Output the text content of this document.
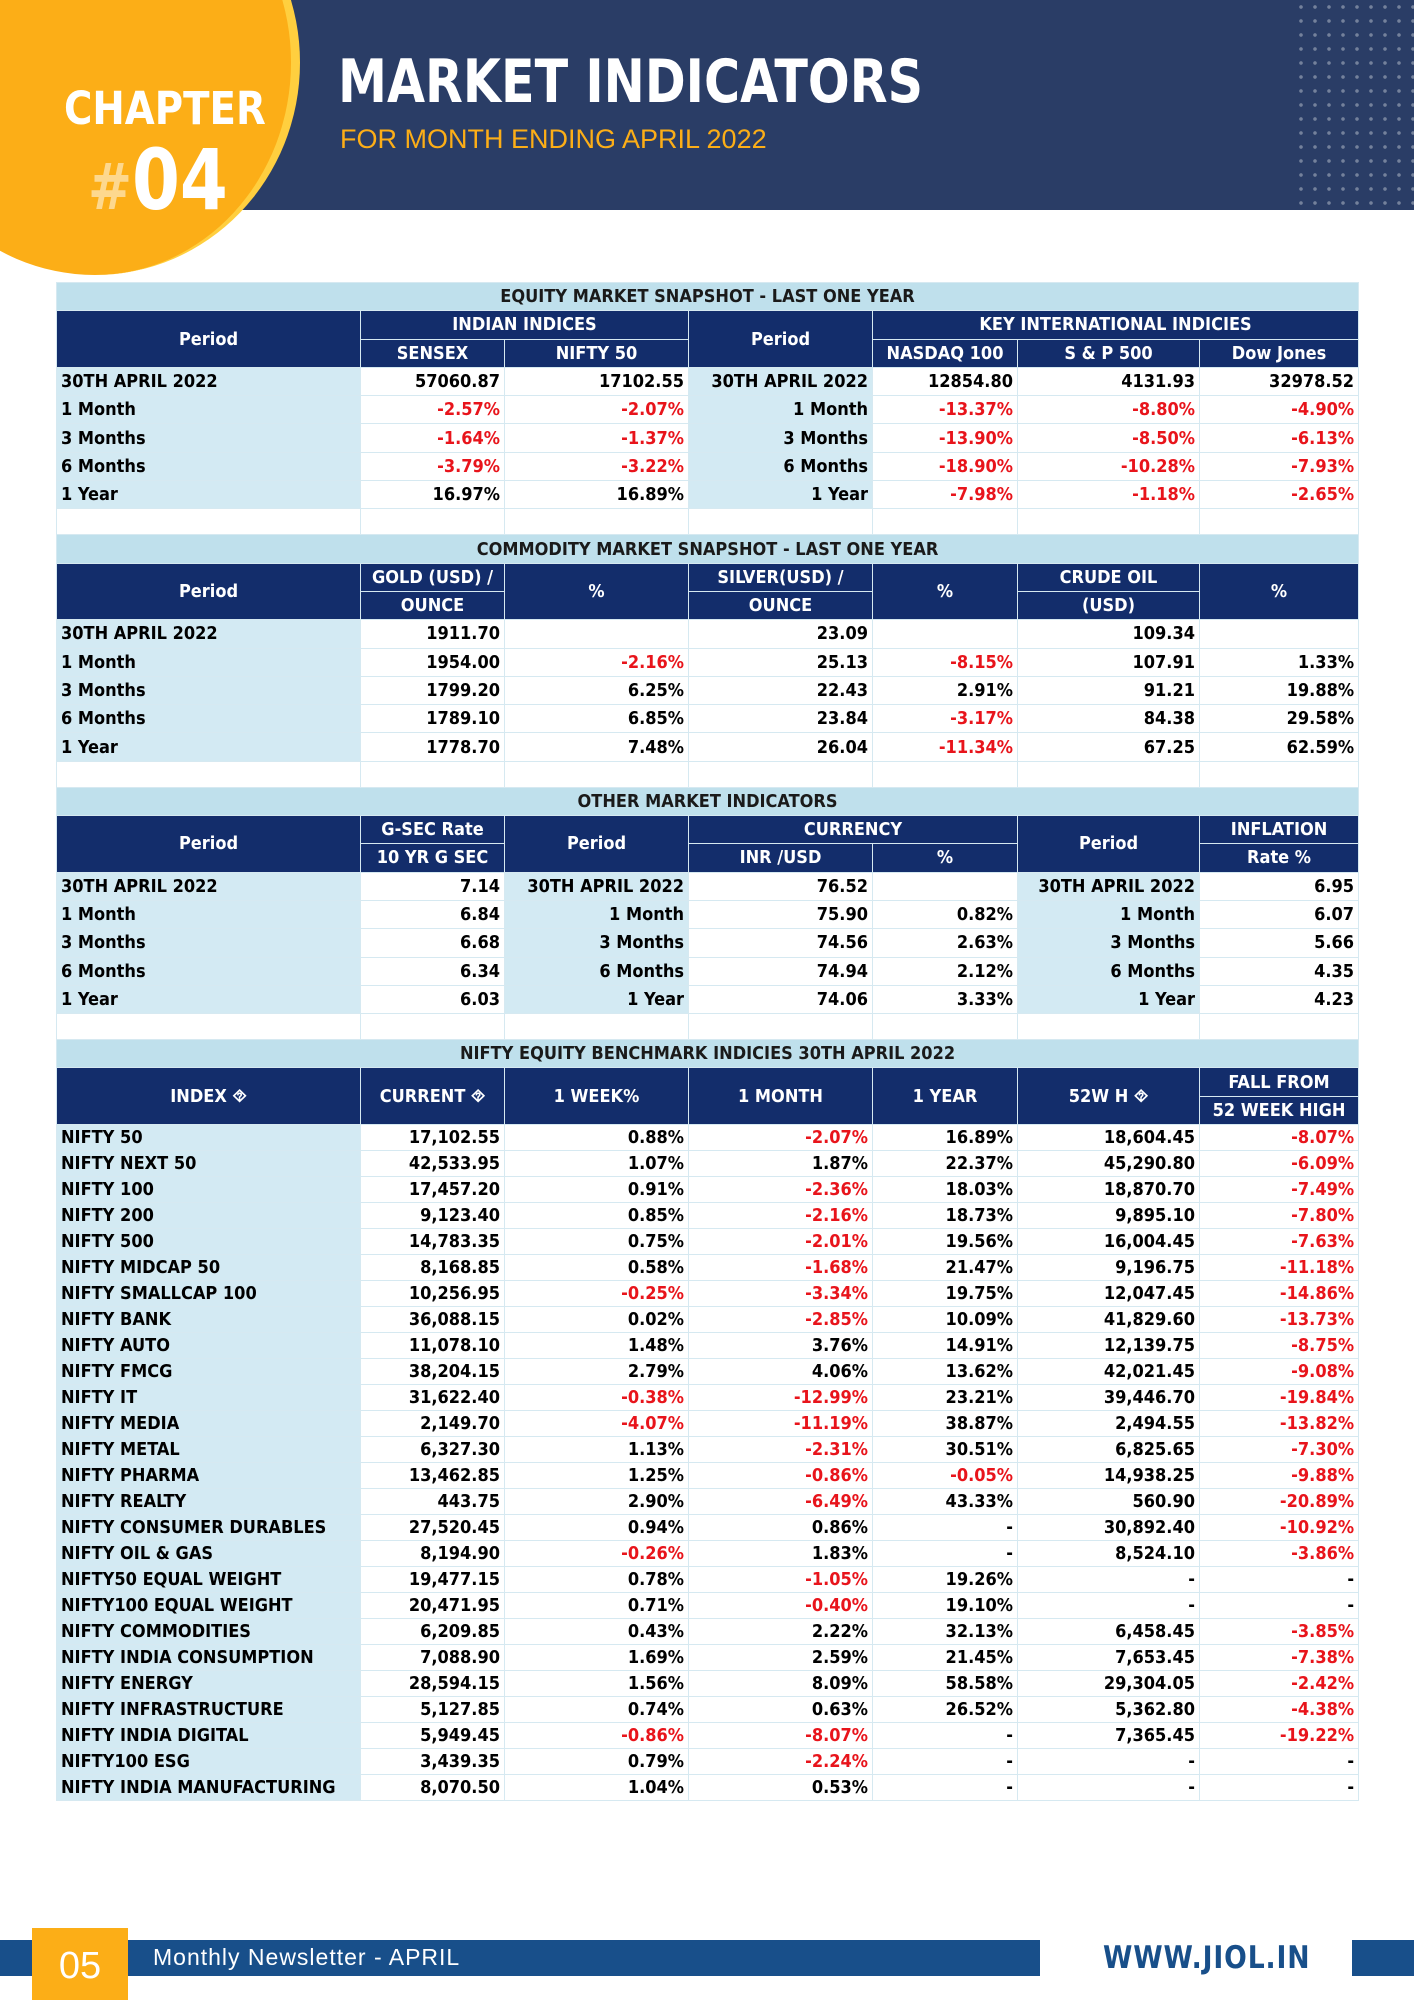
CHAPTER
#04
MARKET INDICATORS
FOR MONTH ENDING APRIL 2022
EQUITY MARKET SNAPSHOT - LAST ONE YEAR						
Period	INDIAN INDICES		Period	KEY INTERNATIONAL INDICIES		
	SENSEX	NIFTY 50		NASDAQ 100	S & P 500	Dow Jones
30TH APRIL 2022	57060.87	17102.55	30TH APRIL 2022	12854.80	4131.93	32978.52
1 Month	-2.57%	-2.07%	1 Month	-13.37%	-8.80%	-4.90%
3 Months	-1.64%	-1.37%	3 Months	-13.90%	-8.50%	-6.13%
6 Months	-3.79%	-3.22%	6 Months	-18.90%	-10.28%	-7.93%
1 Year	16.97%	16.89%	1 Year	-7.98%	-1.18%	-2.65%

COMMODITY MARKET SNAPSHOT - LAST ONE YEAR						
Period	GOLD (USD) /	%	SILVER(USD) /	%	CRUDE OIL	%
	OUNCE		OUNCE		(USD)	
30TH APRIL 2022	1911.70		23.09		109.34	
1 Month	1954.00	-2.16%	25.13	-8.15%	107.91	1.33%
3 Months	1799.20	6.25%	22.43	2.91%	91.21	19.88%
6 Months	1789.10	6.85%	23.84	-3.17%	84.38	29.58%
1 Year	1778.70	7.48%	26.04	-11.34%	67.25	62.59%

OTHER MARKET INDICATORS						
Period	G-SEC Rate	Period	CURRENCY		Period	INFLATION
	10 YR G SEC		INR /USD	%		Rate %
30TH APRIL 2022	7.14	30TH APRIL 2022	76.52		30TH APRIL 2022	6.95
1 Month	6.84	1 Month	75.90	0.82%	1 Month	6.07
3 Months	6.68	3 Months	74.56	2.63%	3 Months	5.66
6 Months	6.34	6 Months	74.94	2.12%	6 Months	4.35
1 Year	6.03	1 Year	74.06	3.33%	1 Year	4.23

NIFTY EQUITY BENCHMARK INDICIES 30TH APRIL 2022						
INDEX ⯑	CURRENT ⯑	1 WEEK%	1 MONTH	1 YEAR	52W H ⯑	FALL FROM
						52 WEEK HIGH
NIFTY 50	17,102.55	0.88%	-2.07%	16.89%	18,604.45	-8.07%
NIFTY NEXT 50	42,533.95	1.07%	1.87%	22.37%	45,290.80	-6.09%
NIFTY 100	17,457.20	0.91%	-2.36%	18.03%	18,870.70	-7.49%
NIFTY 200	9,123.40	0.85%	-2.16%	18.73%	9,895.10	-7.80%
NIFTY 500	14,783.35	0.75%	-2.01%	19.56%	16,004.45	-7.63%
NIFTY MIDCAP 50	8,168.85	0.58%	-1.68%	21.47%	9,196.75	-11.18%
NIFTY SMALLCAP 100	10,256.95	-0.25%	-3.34%	19.75%	12,047.45	-14.86%
NIFTY BANK	36,088.15	0.02%	-2.85%	10.09%	41,829.60	-13.73%
NIFTY AUTO	11,078.10	1.48%	3.76%	14.91%	12,139.75	-8.75%
NIFTY FMCG	38,204.15	2.79%	4.06%	13.62%	42,021.45	-9.08%
NIFTY IT	31,622.40	-0.38%	-12.99%	23.21%	39,446.70	-19.84%
NIFTY MEDIA	2,149.70	-4.07%	-11.19%	38.87%	2,494.55	-13.82%
NIFTY METAL	6,327.30	1.13%	-2.31%	30.51%	6,825.65	-7.30%
NIFTY PHARMA	13,462.85	1.25%	-0.86%	-0.05%	14,938.25	-9.88%
NIFTY REALTY	443.75	2.90%	-6.49%	43.33%	560.90	-20.89%
NIFTY CONSUMER DURABLES	27,520.45	0.94%	0.86%	-	30,892.40	-10.92%
NIFTY OIL & GAS	8,194.90	-0.26%	1.83%	-	8,524.10	-3.86%
NIFTY50 EQUAL WEIGHT	19,477.15	0.78%	-1.05%	19.26%	-	-
NIFTY100 EQUAL WEIGHT	20,471.95	0.71%	-0.40%	19.10%	-	-
NIFTY COMMODITIES	6,209.85	0.43%	2.22%	32.13%	6,458.45	-3.85%
NIFTY INDIA CONSUMPTION	7,088.90	1.69%	2.59%	21.45%	7,653.45	-7.38%
NIFTY ENERGY	28,594.15	1.56%	8.09%	58.58%	29,304.05	-2.42%
NIFTY INFRASTRUCTURE	5,127.85	0.74%	0.63%	26.52%	5,362.80	-4.38%
NIFTY INDIA DIGITAL	5,949.45	-0.86%	-8.07%	-	7,365.45	-19.22%
NIFTY100 ESG	3,439.35	0.79%	-2.24%	-	-	-
NIFTY INDIA MANUFACTURING	8,070.50	1.04%	0.53%	-	-	-
05	Monthly Newsletter - APRIL	WWW.JIOL.IN
